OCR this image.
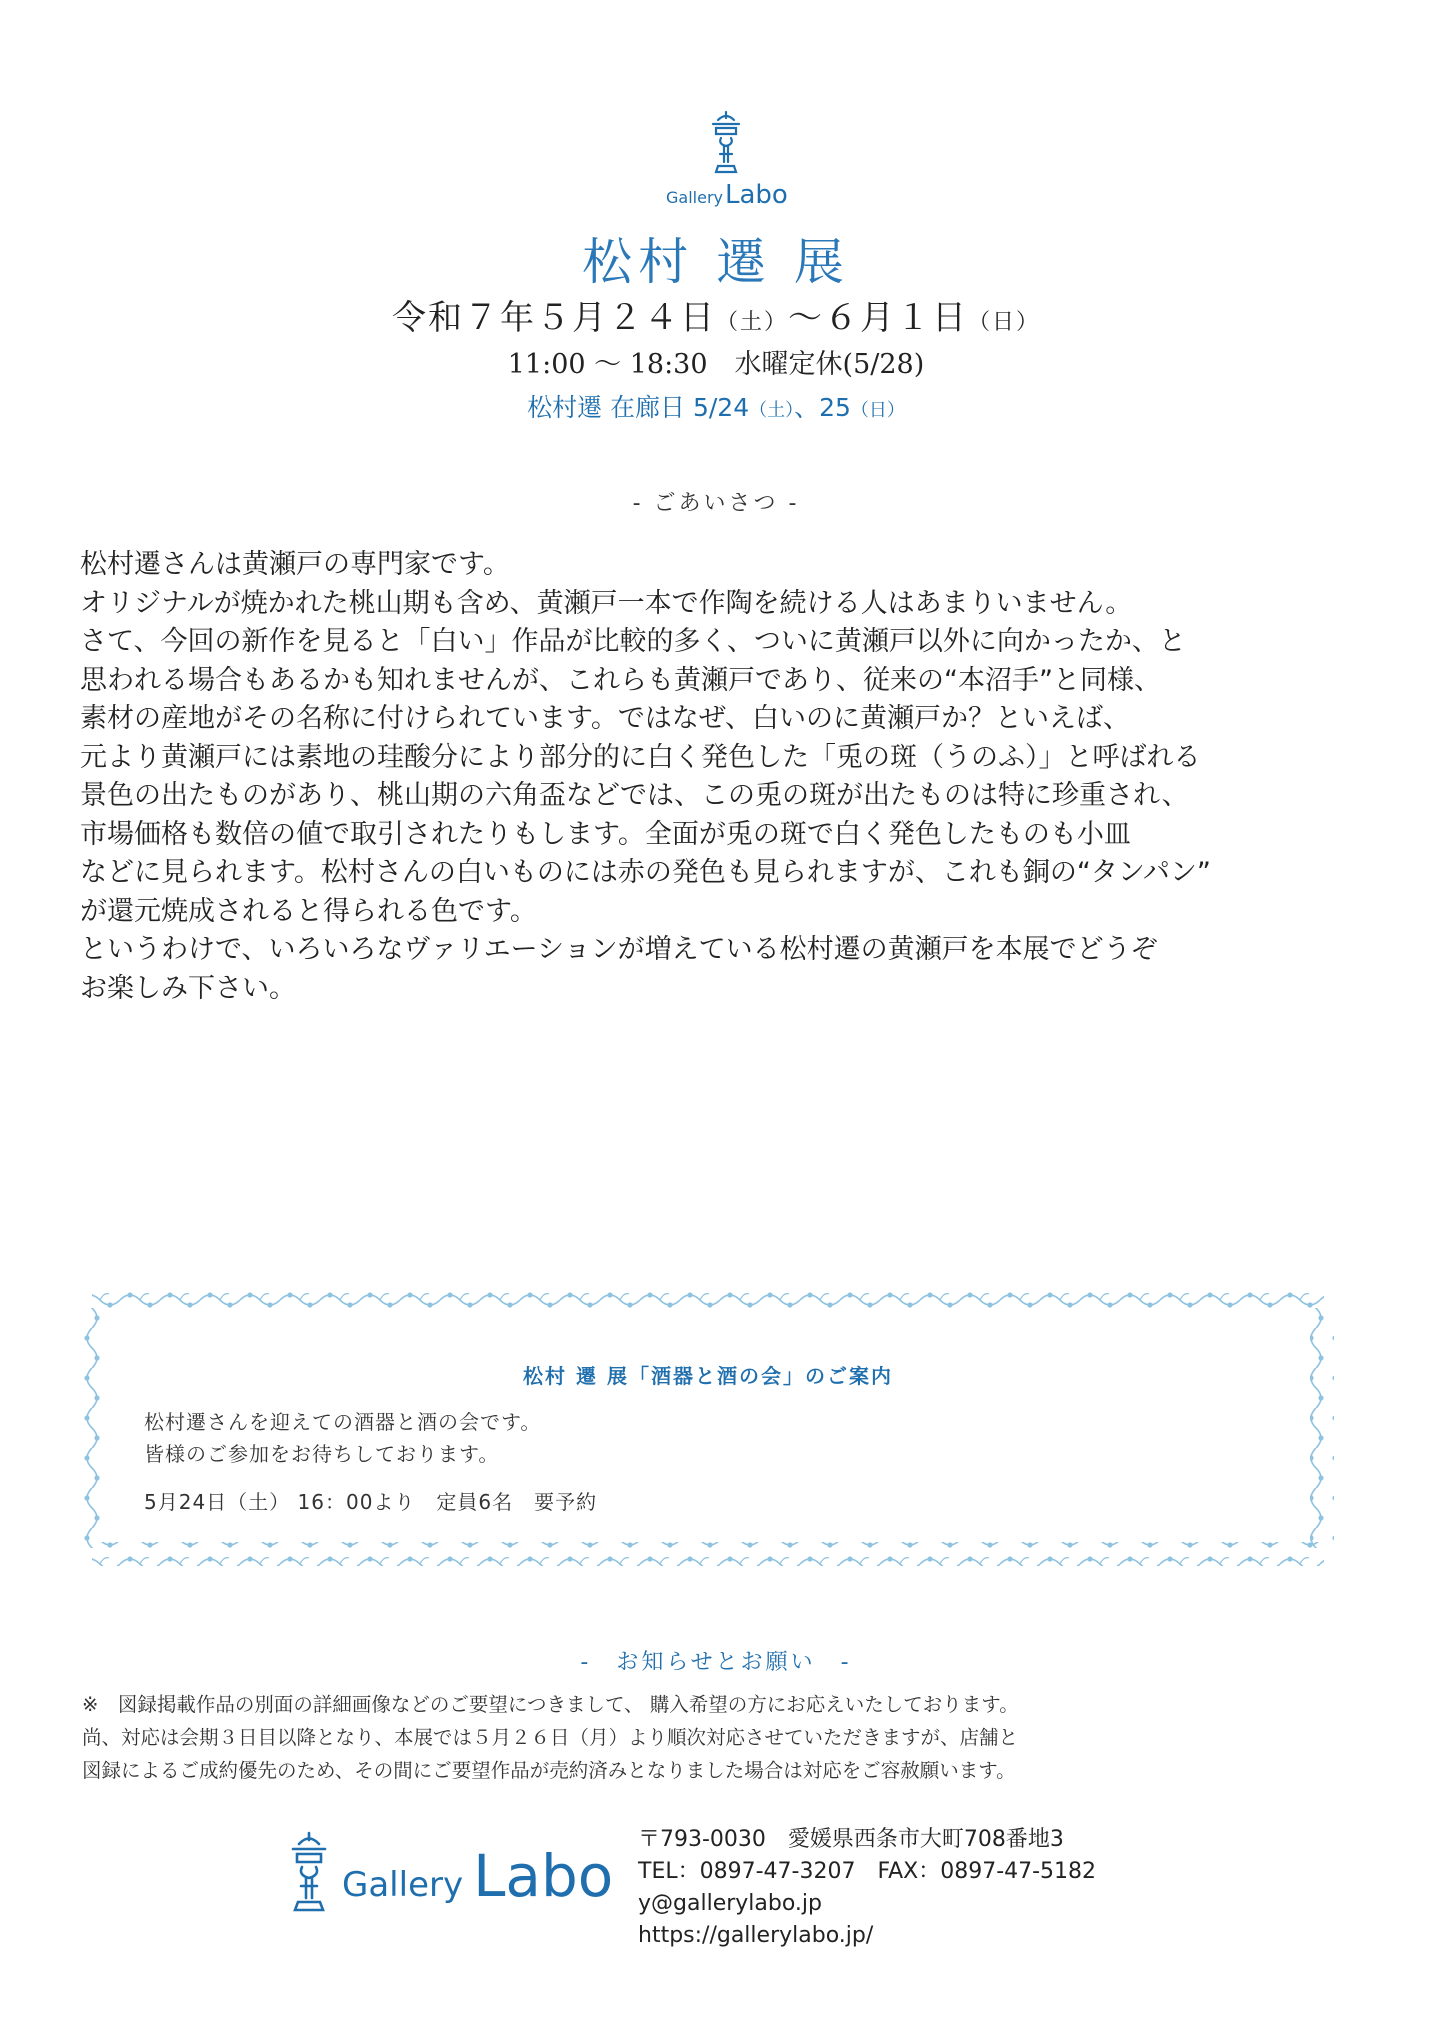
GalleryLabo
松村 遷 展
令和７年５月２４日（土）〜６月１日（日）
11:00 〜 18:30　水曜定休(5/28)
松村遷 在廊日 5/24（土）、25（日）
- ごあいさつ -

松村遷さんは黄瀬戸の専門家です。

オリジナルが焼かれた桃山期も含め、黄瀬戸一本で作陶を続ける人はあまりいません。

さて、今回の新作を見ると「白い」作品が比較的多く、ついに黄瀬戸以外に向かったか、と

思われる場合もあるかも知れませんが、これらも黄瀬戸であり、従来の“本沼手”と同様、

素材の産地がその名称に付けられています。ではなぜ、白いのに黄瀬戸か？といえば、

元より黄瀬戸には素地の珪酸分により部分的に白く発色した「兎の斑（うのふ）」と呼ばれる

景色の出たものがあり、桃山期の六角盃などでは、この兎の斑が出たものは特に珍重され、

市場価格も数倍の値で取引されたりもします。全面が兎の斑で白く発色したものも小皿

などに見られます。松村さんの白いものには赤の発色も見られますが、これも銅の“タンパン”

が還元焼成されると得られる色です。

というわけで、いろいろなヴァリエーションが増えている松村遷の黄瀬戸を本展でどうぞ

お楽しみ下さい。

松村 遷 展「酒器と酒の会」のご案内
松村遷さんを迎えての酒器と酒の会です。
皆様のご参加をお待ちしております。
5月24日（土） 16：00より　定員6名　要予約
-　お知らせとお願い　-

※　図録掲載作品の別面の詳細画像などのご要望につきまして、 購入希望の方にお応えいたしております。

尚、対応は会期３日目以降となり、本展では５月２６日（月）より順次対応させていただきますが、店舗と

図録によるご成約優先のため、その間にご要望作品が売約済みとなりました場合は対応をご容赦願います。

Gallery Labo
〒793-0030　愛媛県西条市大町708番地3
TEL：0897-47-3207　FAX：0897-47-5182
y@gallerylabo.jp
https://gallerylabo.jp/
